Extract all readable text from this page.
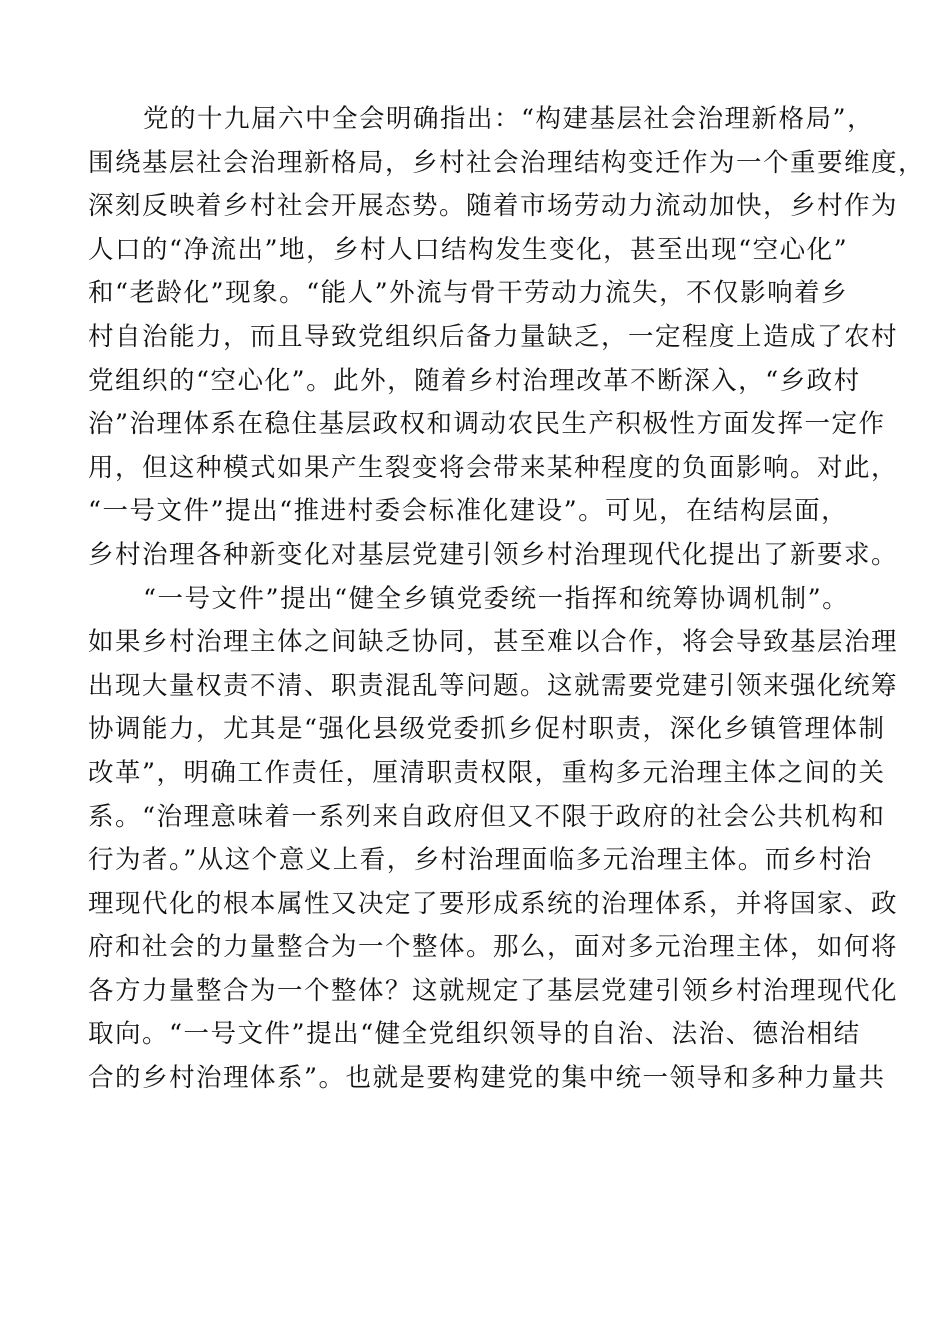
党的十九届六中全会明确指出：“构建基层社会治理新格局”，
围绕基层社会治理新格局，乡村社会治理结构变迁作为一个重要维度，
深刻反映着乡村社会开展态势。随着市场劳动力流动加快，乡村作为
人口的“净流出”地，乡村人口结构发生变化，甚至出现“空心化”
和“老龄化”现象。“能人”外流与骨干劳动力流失，不仅影响着乡
村自治能力，而且导致党组织后备力量缺乏，一定程度上造成了农村
党组织的“空心化”。此外，随着乡村治理改革不断深入，“乡政村
治”治理体系在稳住基层政权和调动农民生产积极性方面发挥一定作
用，但这种模式如果产生裂变将会带来某种程度的负面影响。对此，
“一号文件”提出“推进村委会标准化建设”。可见，在结构层面，
乡村治理各种新变化对基层党建引领乡村治理现代化提出了新要求。
“一号文件”提出“健全乡镇党委统一指挥和统筹协调机制”。
如果乡村治理主体之间缺乏协同，甚至难以合作，将会导致基层治理
出现大量权责不清、职责混乱等问题。这就需要党建引领来强化统筹
协调能力，尤其是“强化县级党委抓乡促村职责，深化乡镇管理体制
改革”，明确工作责任，厘清职责权限，重构多元治理主体之间的关
系。“治理意味着一系列来自政府但又不限于政府的社会公共机构和
行为者。”从这个意义上看，乡村治理面临多元治理主体。而乡村治
理现代化的根本属性又决定了要形成系统的治理体系，并将国家、政
府和社会的力量整合为一个整体。那么，面对多元治理主体，如何将
各方力量整合为一个整体？这就规定了基层党建引领乡村治理现代化
取向。“一号文件”提出“健全党组织领导的自治、法治、德治相结
合的乡村治理体系”。也就是要构建党的集中统一领导和多种力量共
